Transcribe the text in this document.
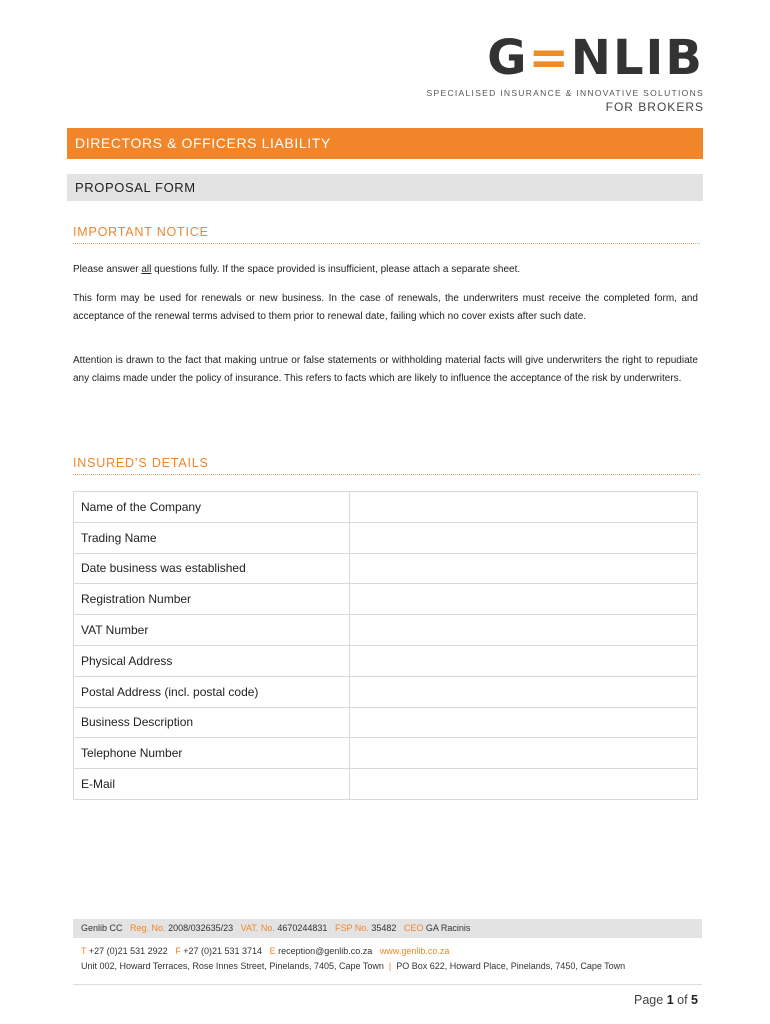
G=NLIB
SPECIALISED INSURANCE & INNOVATIVE SOLUTIONS
FOR BROKERS
DIRECTORS & OFFICERS LIABILITY
PROPOSAL FORM
IMPORTANT NOTICE
Please answer all questions fully. If the space provided is insufficient, please attach a separate sheet.
This form may be used for renewals or new business. In the case of renewals, the underwriters must receive the completed form, and acceptance of the renewal terms advised to them prior to renewal date, failing which no cover exists after such date.
Attention is drawn to the fact that making untrue or false statements or withholding material facts will give underwriters the right to repudiate any claims made under the policy of insurance. This refers to facts which are likely to influence the acceptance of the risk by underwriters.
INSURED’S DETAILS
Name of the Company	
Trading Name	
Date business was established	
Registration Number	
VAT Number	
Physical Address	
Postal Address (incl. postal code)	
Business Description	
Telephone Number	
E-Mail	
Genlib CC Reg. No. 2008/032635/23 VAT. No. 4670244831 FSP No. 35482 CEO GA Racinis
T +27 (0)21 531 2922 F +27 (0)21 531 3714 E reception@genlib.co.za www.genlib.co.za
Unit 002, Howard Terraces, Rose Innes Street, Pinelands, 7405, Cape Town | PO Box 622, Howard Place, Pinelands, 7450, Cape Town
Page 1 of 5
